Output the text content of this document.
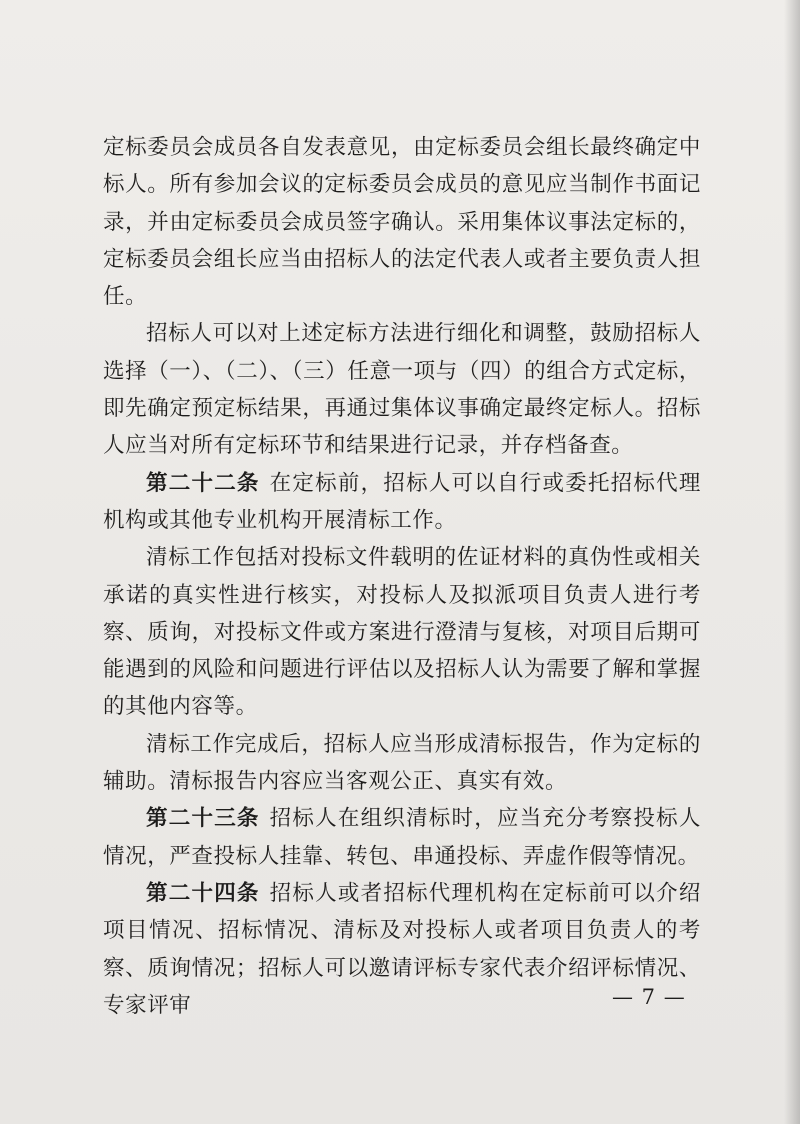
定标委员会成员各自发表意见，由定标委员会组长最终确定中标人。所有参加会议的定标委员会成员的意见应当制作书面记录，并由定标委员会成员签字确认。采用集体议事法定标的，定标委员会组长应当由招标人的法定代表人或者主要负责人担任。

招标人可以对上述定标方法进行细化和调整，鼓励招标人选择（一）、（二）、（三）任意一项与（四）的组合方式定标，即先确定预定标结果，再通过集体议事确定最终定标人。招标人应当对所有定标环节和结果进行记录，并存档备查。

第二十二条 在定标前，招标人可以自行或委托招标代理机构或其他专业机构开展清标工作。

清标工作包括对投标文件载明的佐证材料的真伪性或相关承诺的真实性进行核实，对投标人及拟派项目负责人进行考察、质询，对投标文件或方案进行澄清与复核，对项目后期可能遇到的风险和问题进行评估以及招标人认为需要了解和掌握的其他内容等。

清标工作完成后，招标人应当形成清标报告，作为定标的辅助。清标报告内容应当客观公正、真实有效。

第二十三条 招标人在组织清标时，应当充分考察投标人情况，严查投标人挂靠、转包、串通投标、弄虚作假等情况。

第二十四条 招标人或者招标代理机构在定标前可以介绍项目情况、招标情况、清标及对投标人或者项目负责人的考察、质询情况；招标人可以邀请评标专家代表介绍评标情况、专家评审	— 7 —
